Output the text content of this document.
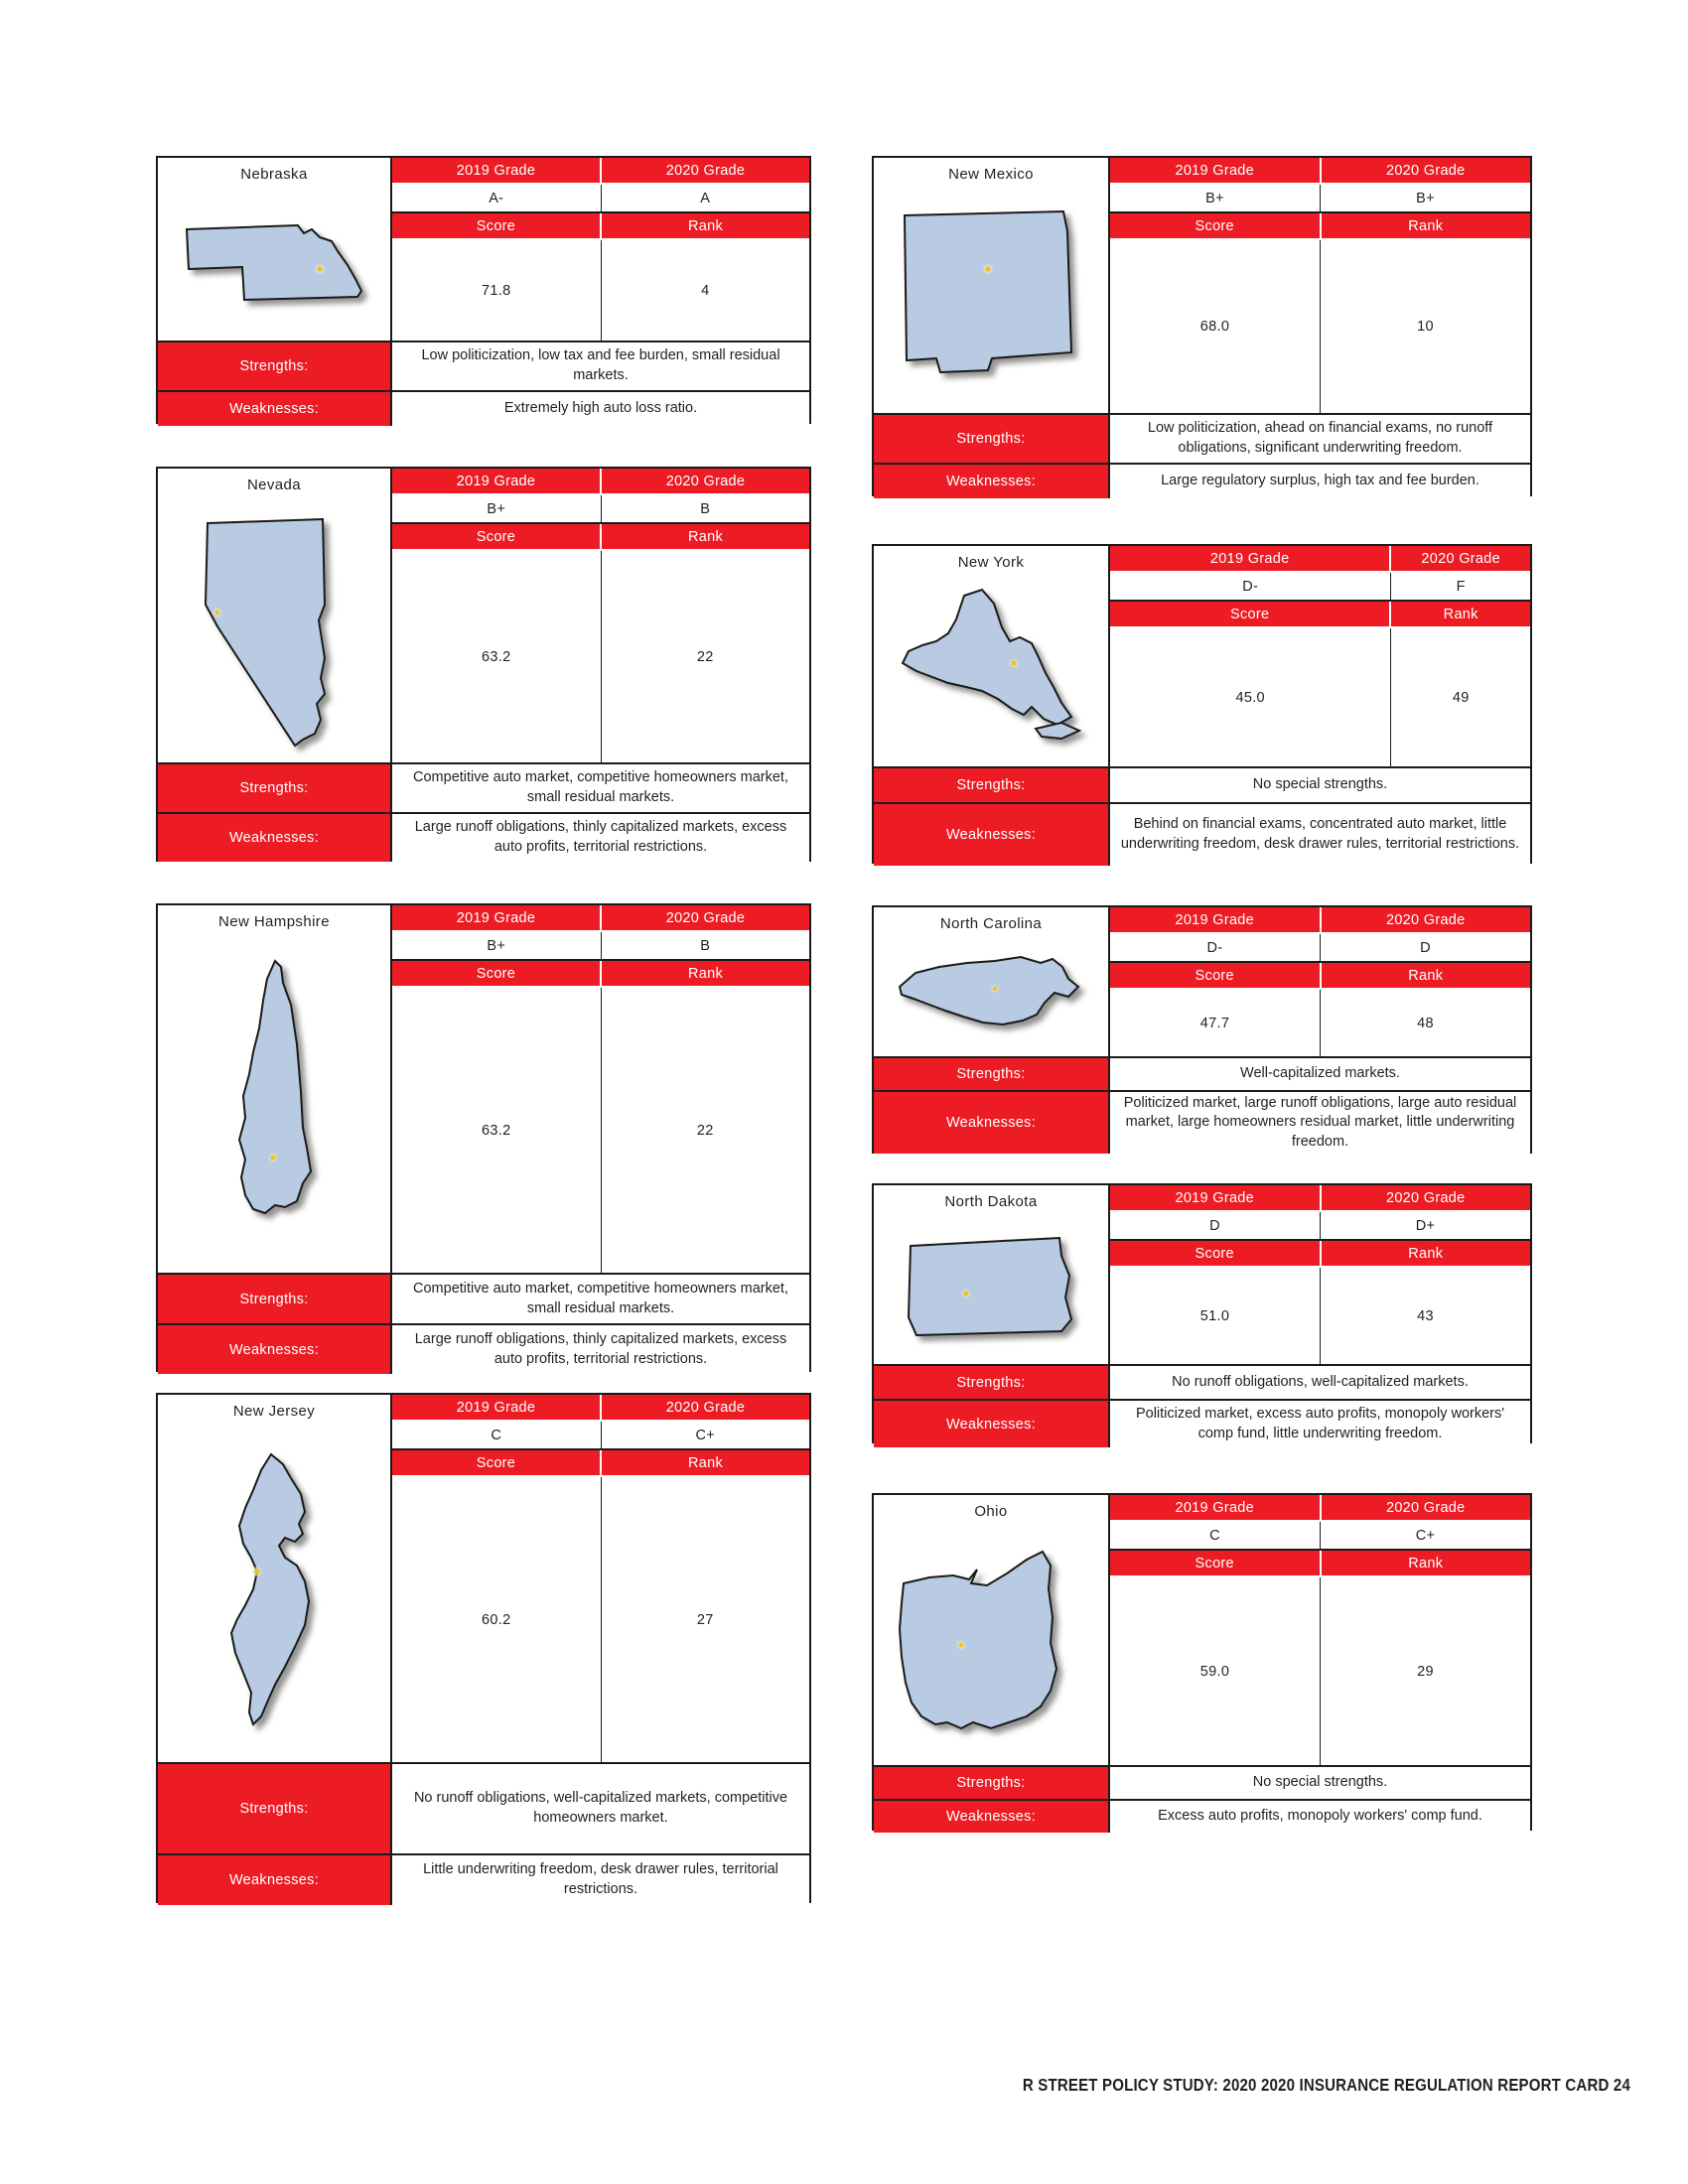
Nebraska	2019 Grade	2020 Grade
A-	A
Score	Rank
71.8	4
Strengths:
Low politicization, low tax and fee burden, small residual markets.
Weaknesses:	Extremely high auto loss ratio.
Nevada	2019 Grade	2020 Grade
B+	B
Score	Rank
63.2	22
Strengths:
Competitive auto market, competitive homeowners market, small residual markets.
Weaknesses:
Large runoff obligations, thinly capitalized markets, excess auto profits, territorial restrictions.
New Hampshire	2019 Grade	2020 Grade
B+	B
Score	Rank
63.2	22
Strengths:
Competitive auto market, competitive homeowners market, small residual markets.
Weaknesses:
Large runoff obligations, thinly capitalized markets, excess auto profits, territorial restrictions.
New Jersey	2019 Grade	2020 Grade
C	C+
Score	Rank
60.2	27
Strengths:
No runoff obligations, well-capitalized markets, competitive homeowners market.
Weaknesses:
Little underwriting freedom, desk drawer rules, territorial restrictions.
New Mexico	2019 Grade	2020 Grade
B+	B+
Score	Rank
68.0	10
Strengths:
Low politicization, ahead on financial exams, no runoff obligations, significant underwriting freedom.
Weaknesses:	Large regulatory surplus, high tax and fee burden.
New York	2019 Grade	2020 Grade
D-	F
Score	Rank
45.0	49
Strengths:	No special strengths.
Weaknesses:
Behind on financial exams, concentrated auto market, little underwriting freedom, desk drawer rules, territorial restrictions.
North Carolina	2019 Grade	2020 Grade
D-	D
Score	Rank
47.7	48
Strengths:	Well-capitalized markets.
Weaknesses:
Politicized market, large runoff obligations, large auto residual market, large homeowners residual market, little underwriting freedom.
North Dakota	2019 Grade	2020 Grade
D	D+
Score	Rank
51.0	43
Strengths:	No runoff obligations, well-capitalized markets.
Weaknesses:
Politicized market, excess auto profits, monopoly workers' comp fund, little underwriting freedom.
Ohio	2019 Grade	2020 Grade
C	C+
Score	Rank
59.0	29
Strengths:	No special strengths.
Weaknesses:	Excess auto profits, monopoly workers' comp fund.
R STREET POLICY STUDY: 2020 2020 INSURANCE REGULATION REPORT CARD 24
